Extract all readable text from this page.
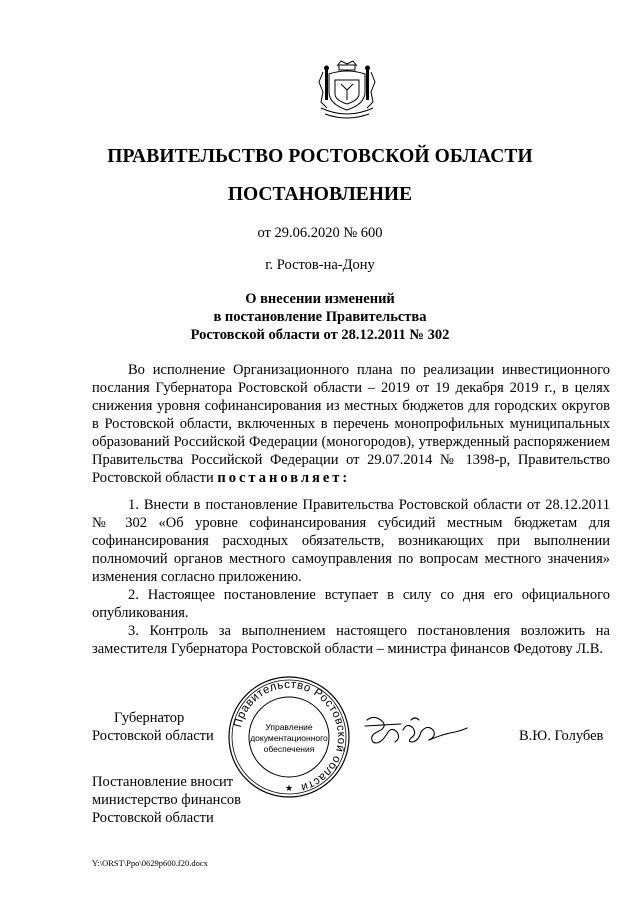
ПРАВИТЕЛЬСТВО РОСТОВСКОЙ ОБЛАСТИ
ПОСТАНОВЛЕНИЕ
от 29.06.2020 № 600
г. Ростов-на-Дону
О внесении изменений
в постановление Правительства
Ростовской области от 28.12.2011 № 302

Во исполнение Организационного плана по реализации инвестиционного послания Губернатора Ростовской области – 2019 от 19 декабря 2019 г., в целях снижения уровня софинансирования из местных бюджетов для городских округов в Ростовской области, включенных в перечень монопрофильных муниципальных образований Российской Федерации (моногородов), утвержденный распоряжением Правительства Российской Федерации от 29.07.2014 № 1398-р, Правительство Ростовской области постановляет:

1. Внести в постановление Правительства Ростовской области от 28.12.2011 № 302 «Об уровне софинансирования субсидий местным бюджетам для софинансирования расходных обязательств, возникающих при выполнении полномочий органов местного самоуправления по вопросам местного значения» изменения согласно приложению.

2. Настоящее постановление вступает в силу со дня его официального опубликования.

3. Контроль за выполнением настоящего постановления возложить на заместителя Губернатора Ростовской области – министра финансов Федотову Л.В.

Губернатор
Ростовской области	В.Ю. Голубев
Правительство Ростовской области
Управление
документационного
обеспечения
★
Постановление вносит
министерство финансов
Ростовской области
Y:\ORST\Ppo\0629p600.f20.docx
